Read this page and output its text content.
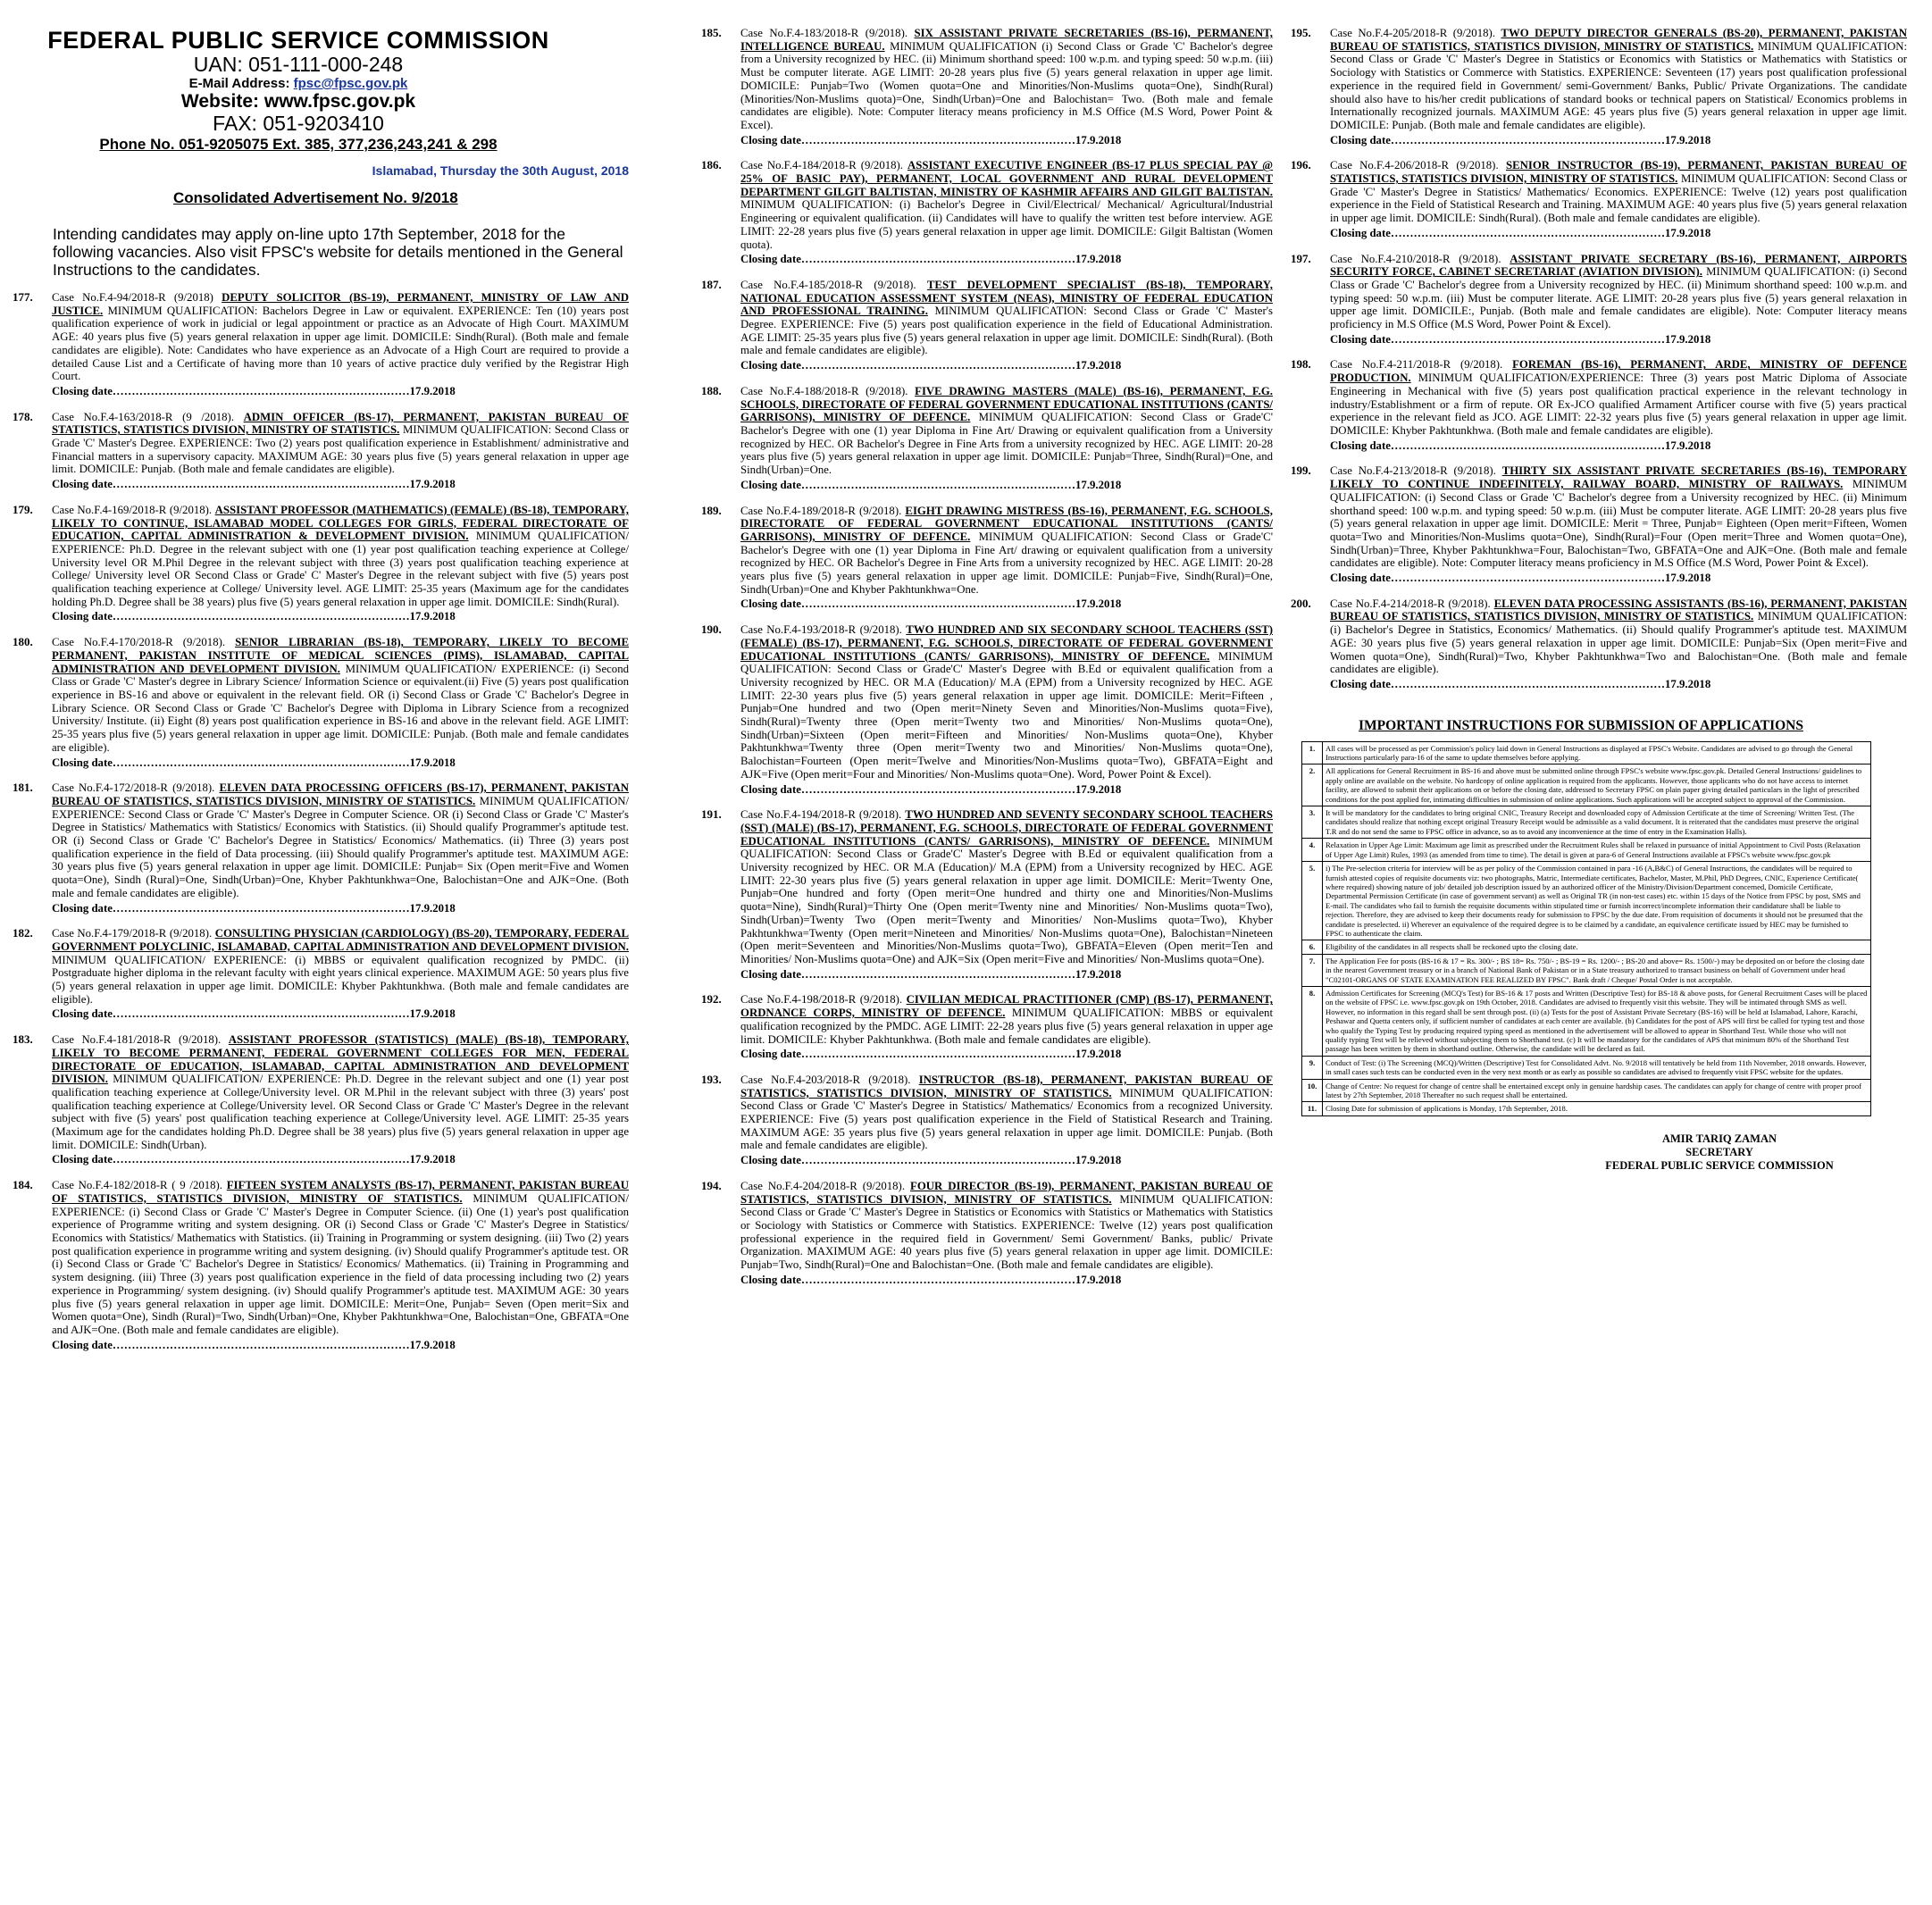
FEDERAL PUBLIC SERVICE COMMISSION
UAN: 051-111-000-248
E-Mail Address: fpsc@fpsc.gov.pk
Website: www.fpsc.gov.pk
FAX: 051-9203410
Phone No. 051-9205075 Ext. 385, 377,236,243,241 & 298
Islamabad, Thursday the 30th August, 2018
Consolidated Advertisement No. 9/2018
Intending candidates may apply on-line upto 17th September, 2018 for the following vacancies. Also visit FPSC's website for details mentioned in the General Instructions to the candidates.
177. Case No.F.4-94/2018-R (9/2018) DEPUTY SOLICITOR (BS-19), PERMANENT, MINISTRY OF LAW AND JUSTICE. MINIMUM QUALIFICATION: Bachelors Degree in Law or equivalent. EXPERIENCE: Ten (10) years post qualification experience of work in judicial or legal appointment or practice as an Advocate of High Court. MAXIMUM AGE: 40 years plus five (5) years general relaxation in upper age limit. DOMICILE: Sindh(Rural). (Both male and female candidates are eligible). Note: Candidates who have experience as an Advocate of a High Court are required to provide a detailed Cause List and a Certificate of having more than 10 years of active practice duly verified by the Registrar High Court.
Closing date……………………………………………………………………17.9.2018
178. Case No.F.4-163/2018-R (9 /2018). ADMIN OFFICER (BS-17), PERMANENT, PAKISTAN BUREAU OF STATISTICS, STATISTICS DIVISION, MINISTRY OF STATISTICS. MINIMUM QUALIFICATION: Second Class or Grade 'C' Master's Degree. EXPERIENCE: Two (2) years post qualification experience in Establishment/ administrative and Financial matters in a supervisory capacity. MAXIMUM AGE: 30 years plus five (5) years general relaxation in upper age limit. DOMICILE: Punjab. (Both male and female candidates are eligible).
Closing date……………………………………………………………………17.9.2018
179. Case No.F.4-169/2018-R (9/2018). ASSISTANT PROFESSOR (MATHEMATICS) (FEMALE) (BS-18), TEMPORARY, LIKELY TO CONTINUE, ISLAMABAD MODEL COLLEGES FOR GIRLS, FEDERAL DIRECTORATE OF EDUCATION, CAPITAL ADMINISTRATION & DEVELOPMENT DIVISION. MINIMUM QUALIFICATION/ EXPERIENCE: Ph.D. Degree in the relevant subject with one (1) year post qualification teaching experience at College/ University level OR M.Phil Degree in the relevant subject with three (3) years post qualification teaching experience at College/ University level OR Second Class or Grade' C' Master's Degree in the relevant subject with five (5) years post qualification teaching experience at College/ University level. AGE LIMIT: 25-35 years (Maximum age for the candidates holding Ph.D. Degree shall be 38 years) plus five (5) years general relaxation in upper age limit. DOMICILE: Sindh(Rural).
Closing date……………………………………………………………………17.9.2018
180. Case No.F.4-170/2018-R (9/2018). SENIOR LIBRARIAN (BS-18), TEMPORARY, LIKELY TO BECOME PERMANENT, PAKISTAN INSTITUTE OF MEDICAL SCIENCES (PIMS), ISLAMABAD, CAPITAL ADMINISTRATION AND DEVELOPMENT DIVISION. MINIMUM QUALIFICATION/ EXPERIENCE: (i) Second Class or Grade 'C' Master's degree in Library Science/ Information Science or equivalent.(ii) Five (5) years post qualification experience in BS-16 and above or equivalent in the relevant field. OR (i) Second Class or Grade 'C' Bachelor's Degree in Library Science. OR Second Class or Grade 'C' Bachelor's Degree with Diploma in Library Science from a recognized University/ Institute. (ii) Eight (8) years post qualification experience in BS-16 and above in the relevant field. AGE LIMIT: 25-35 years plus five (5) years general relaxation in upper age limit. DOMICILE: Punjab. (Both male and female candidates are eligible).
Closing date……………………………………………………………………17.9.2018
181. Case No.F.4-172/2018-R (9/2018). ELEVEN DATA PROCESSING OFFICERS (BS-17), PERMANENT, PAKISTAN BUREAU OF STATISTICS, STATISTICS DIVISION, MINISTRY OF STATISTICS. MINIMUM QUALIFICATION/ EXPERIENCE: Second Class or Grade 'C' Master's Degree in Computer Science. OR (i) Second Class or Grade 'C' Master's Degree in Statistics/ Mathematics with Statistics/ Economics with Statistics. (ii) Should qualify Programmer's aptitude test. OR (i) Second Class or Grade 'C' Bachelor's Degree in Statistics/ Economics/ Mathematics. (ii) Three (3) years post qualification experience in the field of Data processing. (iii) Should qualify Programmer's aptitude test. MAXIMUM AGE: 30 years plus five (5) years general relaxation in upper age limit. DOMICILE: Punjab= Six (Open merit=Five and Women quota=One), Sindh (Rural)=One, Sindh(Urban)=One, Khyber Pakhtunkhwa=One, Balochistan=One and AJK=One. (Both male and female candidates are eligible).
Closing date……………………………………………………………………17.9.2018
182. Case No.F.4-179/2018-R (9/2018). CONSULTING PHYSICIAN (CARDIOLOGY) (BS-20), TEMPORARY, FEDERAL GOVERNMENT POLYCLINIC, ISLAMABAD, CAPITAL ADMINISTRATION AND DEVELOPMENT DIVISION. MINIMUM QUALIFICATION/ EXPERIENCE: (i) MBBS or equivalent qualification recognized by PMDC. (ii) Postgraduate higher diploma in the relevant faculty with eight years clinical experience. MAXIMUM AGE: 50 years plus five (5) years general relaxation in upper age limit. DOMICILE: Khyber Pakhtunkhwa. (Both male and female candidates are eligible).
Closing date……………………………………………………………………17.9.2018
183. Case No.F.4-181/2018-R (9/2018). ASSISTANT PROFESSOR (STATISTICS) (MALE) (BS-18), TEMPORARY, LIKELY TO BECOME PERMANENT, FEDERAL GOVERNMENT COLLEGES FOR MEN, FEDERAL DIRECTORATE OF EDUCATION, ISLAMABAD, CAPITAL ADMINISTRATION AND DEVELOPMENT DIVISION. MINIMUM QUALIFICATION/ EXPERIENCE: Ph.D. Degree in the relevant subject and one (1) year post qualification teaching experience at College/University level. OR M.Phil in the relevant subject with three (3) years' post qualification teaching experience at College/University level. OR Second Class or Grade 'C' Master's Degree in the relevant subject with five (5) years' post qualification teaching experience at College/University level. AGE LIMIT: 25-35 years (Maximum age for the candidates holding Ph.D. Degree shall be 38 years) plus five (5) years general relaxation in upper age limit. DOMICILE: Sindh(Urban).
Closing date……………………………………………………………………17.9.2018
184. Case No.F.4-182/2018-R ( 9 /2018). FIFTEEN SYSTEM ANALYSTS (BS-17), PERMANENT, PAKISTAN BUREAU OF STATISTICS, STATISTICS DIVISION, MINISTRY OF STATISTICS. MINIMUM QUALIFICATION/ EXPERIENCE: (i) Second Class or Grade 'C' Master's Degree in Computer Science. (ii) One (1) year's post qualification experience of Programme writing and system designing. OR (i) Second Class or Grade 'C' Master's Degree in Statistics/ Economics with Statistics/ Mathematics with Statistics. (ii) Training in Programming or system designing. (iii) Two (2) years post qualification experience in programme writing and system designing. (iv) Should qualify Programmer's aptitude test. OR (i) Second Class or Grade 'C' Bachelor's Degree in Statistics/ Economics/ Mathematics. (ii) Training in Programming and system designing. (iii) Three (3) years post qualification experience in the field of data processing including two (2) years experience in Programming/ system designing. (iv) Should qualify Programmer's aptitude test. MAXIMUM AGE: 30 years plus five (5) years general relaxation in upper age limit. DOMICILE: Merit=One, Punjab= Seven (Open merit=Six and Women quota=One), Sindh (Rural)=Two, Sindh(Urban)=One, Khyber Pakhtunkhwa=One, Balochistan=One, GBFATA=One and AJK=One. (Both male and female candidates are eligible).
Closing date……………………………………………………………………17.9.2018
185. Case No.F.4-183/2018-R (9/2018). SIX ASSISTANT PRIVATE SECRETARIES (BS-16), PERMANENT, INTELLIGENCE BUREAU. MINIMUM QUALIFICATION (i) Second Class or Grade 'C' Bachelor's degree from a University recognized by HEC. (ii) Minimum shorthand speed: 100 w.p.m. and typing speed: 50 w.p.m. (iii) Must be computer literate. AGE LIMIT: 20-28 years plus five (5) years general relaxation in upper age limit. DOMICILE: Punjab=Two (Women quota=One and Minorities/Non-Muslims quota=One), Sindh(Rural) (Minorities/Non-Muslims quota)=One, Sindh(Urban)=One and Balochistan= Two. (Both male and female candidates are eligible). Note: Computer literacy means proficiency in M.S Office (M.S Word, Power Point & Excel).
Closing date………………………………………………………………17.9.2018
186. Case No.F.4-184/2018-R (9/2018). ASSISTANT EXECUTIVE ENGINEER (BS-17 PLUS SPECIAL PAY @ 25% OF BASIC PAY), PERMANENT, LOCAL GOVERNMENT AND RURAL DEVELOPMENT DEPARTMENT GILGIT BALTISTAN, MINISTRY OF KASHMIR AFFAIRS AND GILGIT BALTISTAN. MINIMUM QUALIFICATION: (i) Bachelor's Degree in Civil/Electrical/ Mechanical/ Agricultural/Industrial Engineering or equivalent qualification. (ii) Candidates will have to qualify the written test before interview. AGE LIMIT: 22-28 years plus five (5) years general relaxation in upper age limit. DOMICILE: Gilgit Baltistan (Women quota).
Closing date………………………………………………………………17.9.2018
187. Case No.F.4-185/2018-R (9/2018). TEST DEVELOPMENT SPECIALIST (BS-18), TEMPORARY, NATIONAL EDUCATION ASSESSMENT SYSTEM (NEAS), MINISTRY OF FEDERAL EDUCATION AND PROFESSIONAL TRAINING. MINIMUM QUALIFICATION: Second Class or Grade 'C' Master's Degree. EXPERIENCE: Five (5) years post qualification experience in the field of Educational Administration. AGE LIMIT: 25-35 years plus five (5) years general relaxation in upper age limit. DOMICILE: Sindh(Rural). (Both male and female candidates are eligible).
Closing date………………………………………………………………17.9.2018
188. Case No.F.4-188/2018-R (9/2018). FIVE DRAWING MASTERS (MALE) (BS-16), PERMANENT, F.G. SCHOOLS, DIRECTORATE OF FEDERAL GOVERNMENT EDUCATIONAL INSTITUTIONS (CANTS/ GARRISONS), MINISTRY OF DEFENCE. MINIMUM QUALIFICATION: Second Class or Grade'C' Bachelor's Degree with one (1) year Diploma in Fine Art/ Drawing or equivalent qualification from a University recognized by HEC. OR Bachelor's Degree in Fine Arts from a university recognized by HEC. AGE LIMIT: 20-28 years plus five (5) years general relaxation in upper age limit. DOMICILE: Punjab=Three, Sindh(Rural)=One, and Sindh(Urban)=One.
Closing date………………………………………………………………17.9.2018
189. Case No.F.4-189/2018-R (9/2018). EIGHT DRAWING MISTRESS (BS-16), PERMANENT, F.G. SCHOOLS, DIRECTORATE OF FEDERAL GOVERNMENT EDUCATIONAL INSTITUTIONS (CANTS/ GARRISONS), MINISTRY OF DEFENCE. MINIMUM QUALIFICATION: Second Class or Grade'C' Bachelor's Degree with one (1) year Diploma in Fine Art/ drawing or equivalent qualification from a university recognized by HEC. OR Bachelor's Degree in Fine Arts from a university recognized by HEC. AGE LIMIT: 20-28 years plus five (5) years general relaxation in upper age limit. DOMICILE: Punjab=Five, Sindh(Rural)=One, Sindh(Urban)=One and Khyber Pakhtunkhwa=One.
Closing date………………………………………………………………17.9.2018
190. Case No.F.4-193/2018-R (9/2018). TWO HUNDRED AND SIX SECONDARY SCHOOL TEACHERS (SST) (FEMALE) (BS-17), PERMANENT, F.G. SCHOOLS, DIRECTORATE OF FEDERAL GOVERNMENT EDUCATIONAL INSTITUTIONS (CANTS/ GARRISONS), MINISTRY OF DEFENCE. MINIMUM QUALIFICATION: Second Class or Grade'C' Master's Degree with B.Ed or equivalent qualification from a University recognized by HEC. OR M.A (Education)/ M.A (EPM) from a University recognized by HEC. AGE LIMIT: 22-30 years plus five (5) years general relaxation in upper age limit. DOMICILE: Merit=Fifteen , Punjab=One hundred and two (Open merit=Ninety Seven and Minorities/Non-Muslims quota=Five), Sindh(Rural)=Twenty three (Open merit=Twenty two and Minorities/ Non-Muslims quota=One), Sindh(Urban)=Sixteen (Open merit=Fifteen and Minorities/ Non-Muslims quota=One), Khyber Pakhtunkhwa=Twenty three (Open merit=Twenty two and Minorities/ Non-Muslims quota=One), Balochistan=Fourteen (Open merit=Twelve and Minorities/Non-Muslims quota=Two), GBFATA=Eight and AJK=Five (Open merit=Four and Minorities/ Non-Muslims quota=One). Word, Power Point & Excel).
Closing date………………………………………………………………17.9.2018
191. Case No.F.4-194/2018-R (9/2018). TWO HUNDRED AND SEVENTY SECONDARY SCHOOL TEACHERS (SST) (MALE) (BS-17), PERMANENT, F.G. SCHOOLS, DIRECTORATE OF FEDERAL GOVERNMENT EDUCATIONAL INSTITUTIONS (CANTS/ GARRISONS), MINISTRY OF DEFENCE. MINIMUM QUALIFICATION: Second Class or Grade'C' Master's Degree with B.Ed or equivalent qualification from a University recognized by HEC. OR M.A (Education)/ M.A (EPM) from a University recognized by HEC. AGE LIMIT: 22-30 years plus five (5) years general relaxation in upper age limit. DOMICILE: Merit=Twenty One, Punjab=One hundred and forty (Open merit=One hundred and thirty one and Minorities/Non-Muslims quota=Nine), Sindh(Rural)=Thirty One (Open merit=Twenty nine and Minorities/ Non-Muslims quota=Two), Sindh(Urban)=Twenty Two (Open merit=Twenty and Minorities/ Non-Muslims quota=Two), Khyber Pakhtunkhwa=Twenty (Open merit=Nineteen and Minorities/ Non-Muslims quota=One), Balochistan=Nineteen (Open merit=Seventeen and Minorities/Non-Muslims quota=Two), GBFATA=Eleven (Open merit=Ten and Minorities/ Non-Muslims quota=One) and AJK=Six (Open merit=Five and Minorities/ Non-Muslims quota=One).
Closing date………………………………………………………………17.9.2018
192. Case No.F.4-198/2018-R (9/2018). CIVILIAN MEDICAL PRACTITIONER (CMP) (BS-17), PERMANENT, ORDNANCE CORPS, MINISTRY OF DEFENCE. MINIMUM QUALIFICATION: MBBS or equivalent qualification recognized by the PMDC. AGE LIMIT: 22-28 years plus five (5) years general relaxation in upper age limit. DOMICILE: Khyber Pakhtunkhwa. (Both male and female candidates are eligible).
Closing date………………………………………………………………17.9.2018
193. Case No.F.4-203/2018-R (9/2018). INSTRUCTOR (BS-18), PERMANENT, PAKISTAN BUREAU OF STATISTICS, STATISTICS DIVISION, MINISTRY OF STATISTICS. MINIMUM QUALIFICATION: Second Class or Grade 'C' Master's Degree in Statistics/ Mathematics/ Economics from a recognized University. EXPERIENCE: Five (5) years post qualification experience in the Field of Statistical Research and Training. MAXIMUM AGE: 35 years plus five (5) years general relaxation in upper age limit. DOMICILE: Punjab. (Both male and female candidates are eligible).
Closing date………………………………………………………………17.9.2018
194. Case No.F.4-204/2018-R (9/2018). FOUR DIRECTOR (BS-19), PERMANENT, PAKISTAN BUREAU OF STATISTICS, STATISTICS DIVISION, MINISTRY OF STATISTICS. MINIMUM QUALIFICATION: Second Class or Grade 'C' Master's Degree in Statistics or Economics with Statistics or Mathematics with Statistics or Sociology with Statistics or Commerce with Statistics. EXPERIENCE: Twelve (12) years post qualification professional experience in the required field in Government/ Semi Government/ Banks, public/ Private Organization. MAXIMUM AGE: 40 years plus five (5) years general relaxation in upper age limit. DOMICILE: Punjab=Two, Sindh(Rural)=One and Balochistan=One. (Both male and female candidates are eligible).
Closing date………………………………………………………………17.9.2018
195. Case No.F.4-205/2018-R (9/2018). TWO DEPUTY DIRECTOR GENERALS (BS-20), PERMANENT, PAKISTAN BUREAU OF STATISTICS, STATISTICS DIVISION, MINISTRY OF STATISTICS. MINIMUM QUALIFICATION: Second Class or Grade 'C' Master's Degree in Statistics or Economics with Statistics or Mathematics with Statistics or Sociology with Statistics or Commerce with Statistics. EXPERIENCE: Seventeen (17) years post qualification professional experience in the required field in Government/ semi-Government/ Banks, Public/ Private Organizations. The candidate should also have to his/her credit publications of standard books or technical papers on Statistical/ Economics problems in Internationally recognized journals. MAXIMUM AGE: 45 years plus five (5) years general relaxation in upper age limit. DOMICILE: Punjab. (Both male and female candidates are eligible).
Closing date………………………………………………………………17.9.2018
196. Case No.F.4-206/2018-R (9/2018). SENIOR INSTRUCTOR (BS-19), PERMANENT, PAKISTAN BUREAU OF STATISTICS, STATISTICS DIVISION, MINISTRY OF STATISTICS. MINIMUM QUALIFICATION: Second Class or Grade 'C' Master's Degree in Statistics/ Mathematics/ Economics. EXPERIENCE: Twelve (12) years post qualification experience in the Field of Statistical Research and Training. MAXIMUM AGE: 40 years plus five (5) years general relaxation in upper age limit. DOMICILE: Sindh(Rural). (Both male and female candidates are eligible).
Closing date………………………………………………………………17.9.2018
197. Case No.F.4-210/2018-R (9/2018). ASSISTANT PRIVATE SECRETARY (BS-16), PERMANENT, AIRPORTS SECURITY FORCE, CABINET SECRETARIAT (AVIATION DIVISION). MINIMUM QUALIFICATION: (i) Second Class or Grade 'C' Bachelor's degree from a University recognized by HEC. (ii) Minimum shorthand speed: 100 w.p.m. and typing speed: 50 w.p.m. (iii) Must be computer literate. AGE LIMIT: 20-28 years plus five (5) years general relaxation in upper age limit. DOMICILE:, Punjab. (Both male and female candidates are eligible). Note: Computer literacy means proficiency in M.S Office (M.S Word, Power Point & Excel).
Closing date………………………………………………………………17.9.2018
198. Case No.F.4-211/2018-R (9/2018). FOREMAN (BS-16), PERMANENT, ARDE, MINISTRY OF DEFENCE PRODUCTION. MINIMUM QUALIFICATION/EXPERIENCE: Three (3) years post Matric Diploma of Associate Engineering in Mechanical with five (5) years post qualification practical experience in the relevant technology in industry/Establishment or a firm of repute. OR Ex-JCO qualified Armament Artificer course with five (5) years practical experience in the relevant field as JCO. AGE LIMIT: 22-32 years plus five (5) years general relaxation in upper age limit. DOMICILE: Khyber Pakhtunkhwa. (Both male and female candidates are eligible).
Closing date………………………………………………………………17.9.2018
199. Case No.F.4-213/2018-R (9/2018). THIRTY SIX ASSISTANT PRIVATE SECRETARIES (BS-16), TEMPORARY LIKELY TO CONTINUE INDEFINITELY, RAILWAY BOARD, MINISTRY OF RAILWAYS. MINIMUM QUALIFICATION: (i) Second Class or Grade 'C' Bachelor's degree from a University recognized by HEC. (ii) Minimum shorthand speed: 100 w.p.m. and typing speed: 50 w.p.m. (iii) Must be computer literate. AGE LIMIT: 20-28 years plus five (5) years general relaxation in upper age limit. DOMICILE: Merit = Three, Punjab= Eighteen (Open merit=Fifteen, Women quota=Two and Minorities/Non-Muslims quota=One), Sindh(Rural)=Four (Open merit=Three and Women quota=One), Sindh(Urban)=Three, Khyber Pakhtunkhwa=Four, Balochistan=Two, GBFATA=One and AJK=One. (Both male and female candidates are eligible). Note: Computer literacy means proficiency in M.S Office (M.S Word, Power Point & Excel).
Closing date………………………………………………………………17.9.2018
200. Case No.F.4-214/2018-R (9/2018). ELEVEN DATA PROCESSING ASSISTANTS (BS-16), PERMANENT, PAKISTAN BUREAU OF STATISTICS, STATISTICS DIVISION, MINISTRY OF STATISTICS. MINIMUM QUALIFICATION: (i) Bachelor's Degree in Statistics, Economics/ Mathematics. (ii) Should qualify Programmer's aptitude test. MAXIMUM AGE: 30 years plus five (5) years general relaxation in upper age limit. DOMICILE: Punjab=Six (Open merit=Five and Women quota=One), Sindh(Rural)=Two, Khyber Pakhtunkhwa=Two and Balochistan=One. (Both male and female candidates are eligible).
Closing date………………………………………………………………17.9.2018
IMPORTANT INSTRUCTIONS FOR SUBMISSION OF APPLICATIONS
1.	All cases will be processed as per Commission's policy laid down in General Instructions as displayed at FPSC's Website. Candidates are advised to go through the General Instructions particularly para-16 of the same to update themselves before applying.
2.	All applications for General Recruitment in BS-16 and above must be submitted online through FPSC's website www.fpsc.gov.pk. Detailed General Instructions/ guidelines to apply online are available on the website. No hardcopy of online application is required from the applicants. However, those applicants who do not have access to internet facility, are allowed to submit their applications on or before the closing date, addressed to Secretary FPSC on plain paper giving detailed particulars in the light of prescribed conditions for the post applied for, intimating difficulties in submission of online applications. Such applications will be accepted subject to approval of the Commission.
3.	It will be mandatory for the candidates to bring original CNIC, Treasury Receipt and downloaded copy of Admission Certificate at the time of Screening/ Written Test. (The candidates should realize that nothing except original Treasury Receipt would be admissible as a valid document. It is reiterated that the candidates must preserve the original T.R and do not send the same to FPSC office in advance, so as to avoid any inconvenience at the time of entry in the Examination Halls).
4.	Relaxation in Upper Age Limit: Maximum age limit as prescribed under the Recruitment Rules shall be relaxed in pursuance of initial Appointment to Civil Posts (Relaxation of Upper Age Limit) Rules, 1993 (as amended from time to time). The detail is given at para-6 of General Instructions available at FPSC's website www.fpsc.gov.pk
5.	i) The Pre-selection criteria for interview will be as per policy of the Commission contained in para -16 (A,B&C) of General Instructions, the candidates will be required to furnish attested copies of requisite documents viz: two photographs, Matric, Intermediate certificates, Bachelor, Master, M.Phil, PhD Degrees, CNIC, Experience Certificate( where required) showing nature of job/ detailed job description issued by an authorized officer of the Ministry/Division/Department concerned, Domicile Certificate, Departmental Permission Certificate (in case of government servant) as well as Original TR (in non-test cases) etc. within 15 days of the Notice from FPSC by post, SMS and E-mail. The candidates who fail to furnish the requisite documents within stipulated time or furnish incorrect/incomplete information their candidature shall be liable to rejection. Therefore, they are advised to keep their documents ready for submission to FPSC by the due date. From requisition of documents it should not be presumed that the candidate is preselected. ii) Wherever an equivalence of the required degree is to be claimed by a candidate, an equivalence certificate issued by HEC may be furnished to FPSC to authenticate the claim.
6.	Eligibility of the candidates in all respects shall be reckoned upto the closing date.
7.	The Application Fee for posts (BS-16 & 17 = Rs. 300/- ; BS 18= Rs. 750/- ; BS-19 = Rs. 1200/- ; BS-20 and above= Rs. 1500/-) may be deposited on or before the closing date in the nearest Government treasury or in a branch of National Bank of Pakistan or in a State treasury authorized to transact business on behalf of Government under head "C02101-ORGANS OF STATE EXAMINATION FEE REALIZED BY FPSC". Bank draft / Cheque/ Postal Order is not acceptable.
8.	Admission Certificates for Screening (MCQ's Test) for BS-16 & 17 posts and Written (Descriptive Test) for BS-18 & above posts, for General Recruitment Cases will be placed on the website of FPSC i.e. www.fpsc.gov.pk on 19th October, 2018. Candidates are advised to frequently visit this website. They will be intimated through SMS as well. However, no information in this regard shall be sent through post. (ii) (a) Tests for the post of Assistant Private Secretary (BS-16) will be held at Islamabad, Lahore, Karachi, Peshawar and Quetta centers only, if sufficient number of candidates at each center are available. (b) Candidates for the post of APS will first be called for typing test and those who qualify the Typing Test by producing required typing speed as mentioned in the advertisement will be allowed to appear in Shorthand Test. While those who will not qualify typing Test will be relieved without subjecting them to Shorthand test. (c) It will be mandatory for the candidates of APS that minimum 80% of the Shorthand Test passage has been written by them in shorthand outline. Otherwise, the candidate will be declared as fail.
9.	Conduct of Test: (i) The Screening (MCQ)/Written (Descriptive) Test for Consolidated Advt. No. 9/2018 will tentatively be held from 11th November, 2018 onwards. However, in small cases such tests can be conducted even in the very next month or as early as possible so candidates are advised to frequently visit FPSC website for the updates.
10.	Change of Centre: No request for change of centre shall be entertained except only in genuine hardship cases. The candidates can apply for change of centre with proper proof latest by 27th September, 2018 Thereafter no such request shall be entertained.
11.	Closing Date for submission of applications is Monday, 17th September, 2018.
AMIR TARIQ ZAMAN
SECRETARY
FEDERAL PUBLIC SERVICE COMMISSION
